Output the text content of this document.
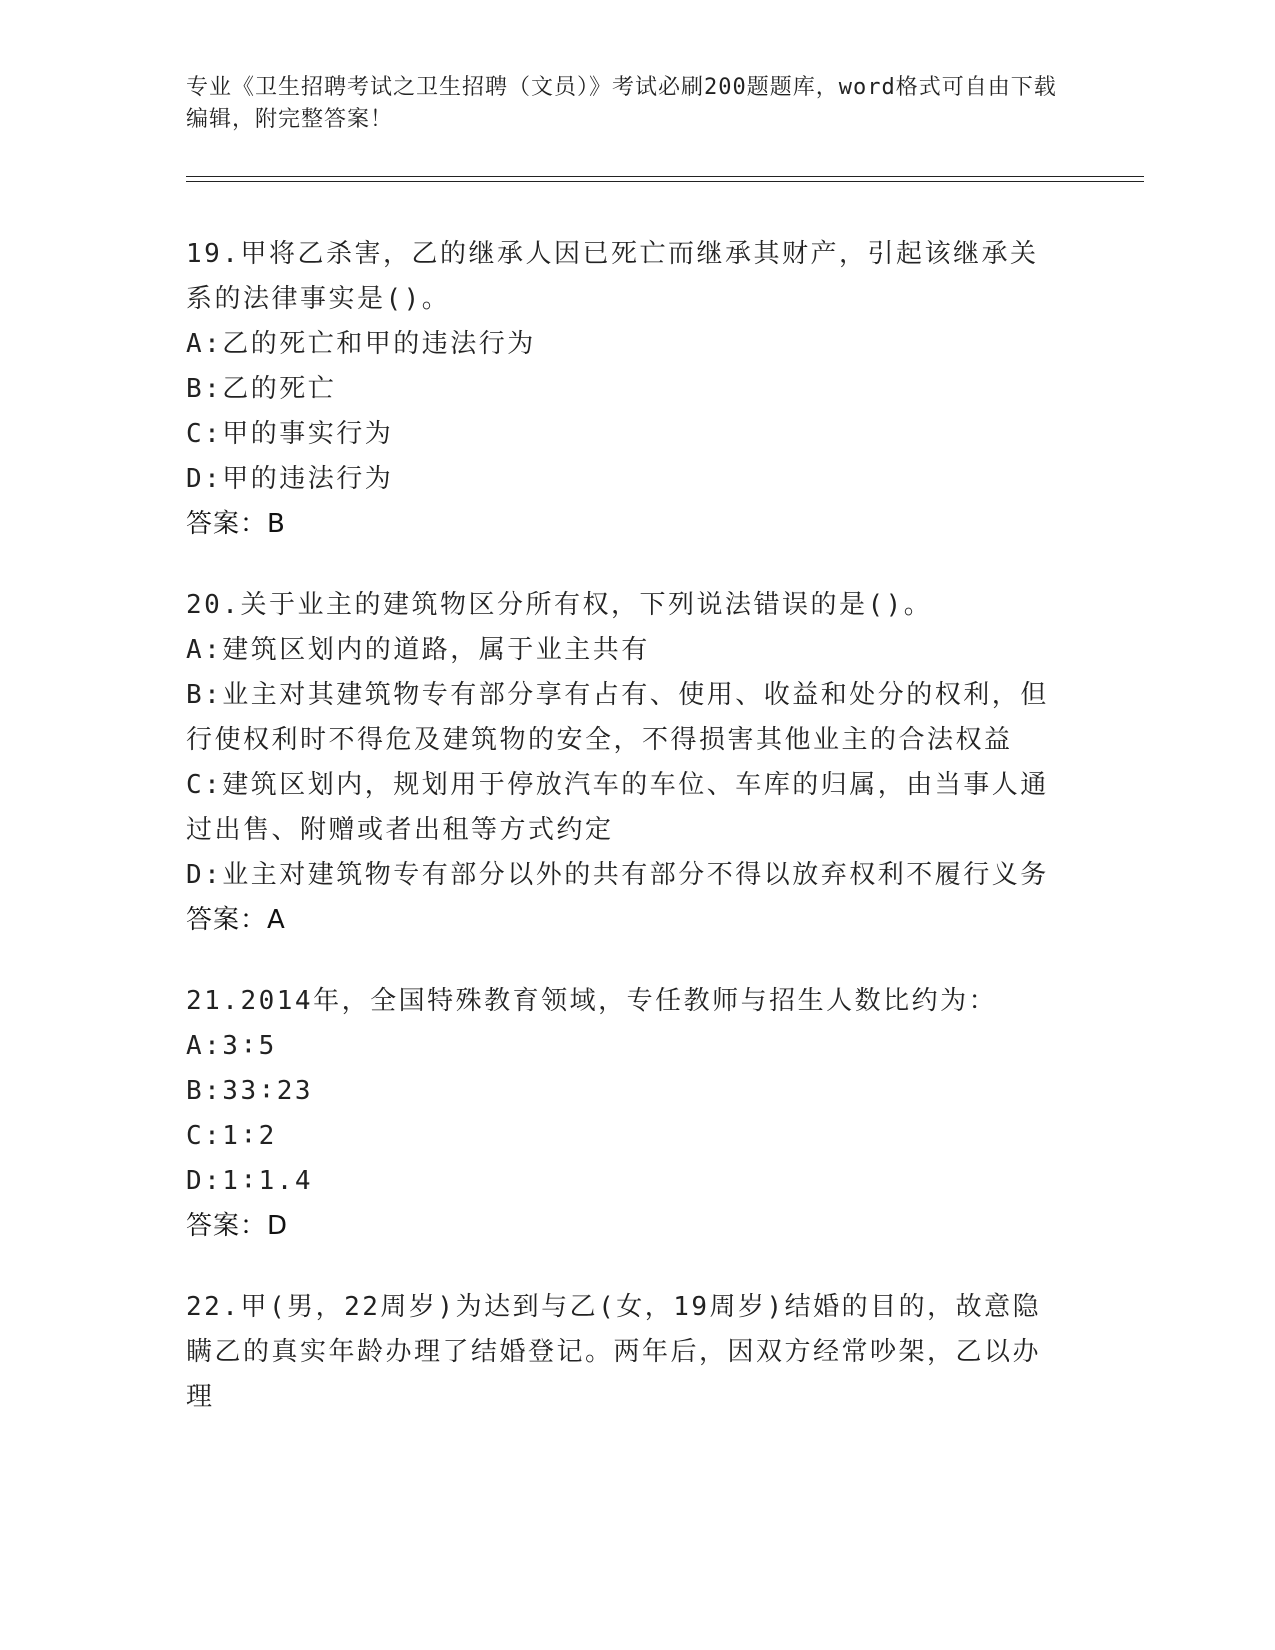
专业《卫生招聘考试之卫生招聘（文员）》考试必刷200题题库，word格式可自由下载编辑，附完整答案！

19.甲将乙杀害，乙的继承人因已死亡而继承其财产，引起该继承关系的法律事实是()。

A:乙的死亡和甲的违法行为

B:乙的死亡

C:甲的事实行为

D:甲的违法行为

答案：B

20.关于业主的建筑物区分所有权，下列说法错误的是()。

A:建筑区划内的道路，属于业主共有

B:业主对其建筑物专有部分享有占有、使用、收益和处分的权利，但行使权利时不得危及建筑物的安全，不得损害其他业主的合法权益

C:建筑区划内，规划用于停放汽车的车位、车库的归属，由当事人通过出售、附赠或者出租等方式约定

D:业主对建筑物专有部分以外的共有部分不得以放弃权利不履行义务

答案：A

21.2014年，全国特殊教育领域，专任教师与招生人数比约为：

A:3∶5

B:33∶23

C:1∶2

D:1∶1.4

答案：D

22.甲(男，22周岁)为达到与乙(女，19周岁)结婚的目的，故意隐瞒乙的真实年龄办理了结婚登记。两年后，因双方经常吵架，乙以办理
